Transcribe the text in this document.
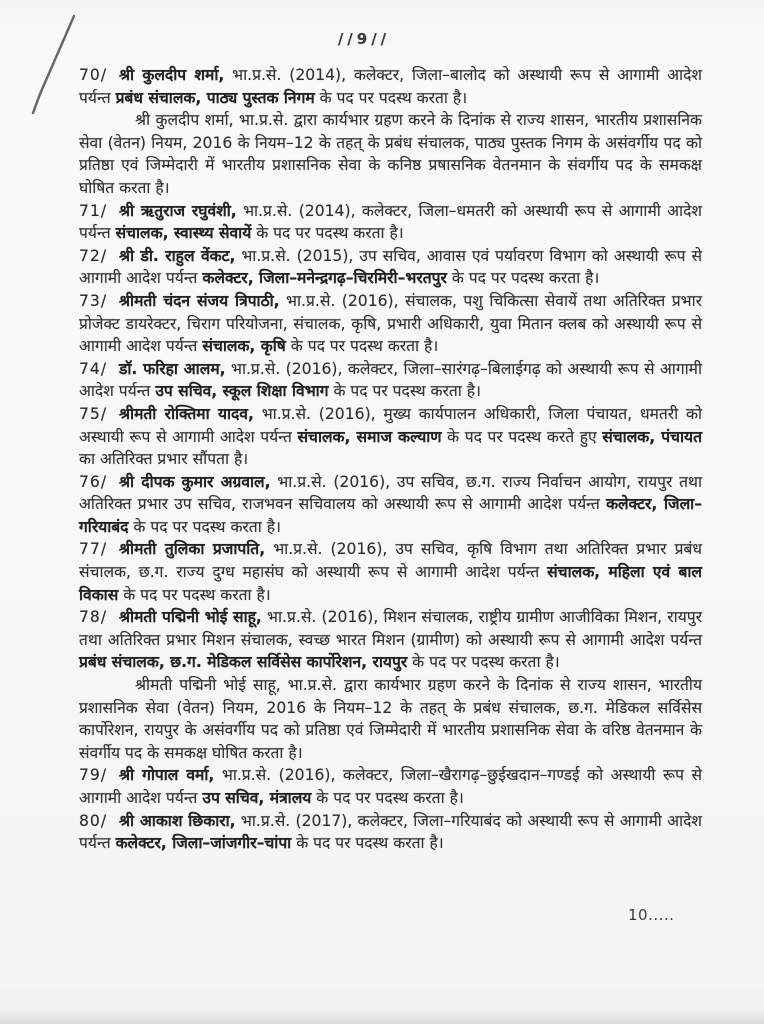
//9//

70/ श्री कुलदीप शर्मा, भा.प्र.से. (2014), कलेक्टर, जिला–बालोद को अस्थायी रूप से आगामी आदेश पर्यन्त प्रबंध संचालक, पाठ्य पुस्तक निगम के पद पर पदस्थ करता है।

श्री कुलदीप शर्मा, भा.प्र.से. द्वारा कार्यभार ग्रहण करने के दिनांक से राज्य शासन, भारतीय प्रशासनिक सेवा (वेतन) नियम, 2016 के नियम–12 के तहत् के प्रबंध संचालक, पाठ्य पुस्तक निगम के असंवर्गीय पद को प्रतिष्ठा एवं जिम्मेदारी में भारतीय प्रशासनिक सेवा के कनिष्ठ प्रषासनिक वेतनमान के संवर्गीय पद के समकक्ष घोषित करता है।

71/ श्री ऋतुराज रघुवंशी, भा.प्र.से. (2014), कलेक्टर, जिला–धमतरी को अस्थायी रूप से आगामी आदेश पर्यन्त संचालक, स्वास्थ्य सेवायें के पद पर पदस्थ करता है।

72/ श्री डी. राहुल वेंकट, भा.प्र.से. (2015), उप सचिव, आवास एवं पर्यावरण विभाग को अस्थायी रूप से आगामी आदेश पर्यन्त कलेक्टर, जिला–मनेन्द्रगढ़–चिरमिरी–भरतपुर के पद पर पदस्थ करता है।

73/ श्रीमती चंदन संजय त्रिपाठी, भा.प्र.से. (2016), संचालक, पशु चिकित्सा सेवायें तथा अतिरिक्त प्रभार प्रोजेक्ट डायरेक्टर, चिराग परियोजना, संचालक, कृषि, प्रभारी अधिकारी, युवा मितान क्लब को अस्थायी रूप से आगामी आदेश पर्यन्त संचालक, कृषि के पद पर पदस्थ करता है।

74/ डॉ. फरिहा आलम, भा.प्र.से. (2016), कलेक्टर, जिला–सारंगढ़–बिलाईगढ़ को अस्थायी रूप से आगामी आदेश पर्यन्त उप सचिव, स्कूल शिक्षा विभाग के पद पर पदस्थ करता है।

75/ श्रीमती रोक्तिमा यादव, भा.प्र.से. (2016), मुख्य कार्यपालन अधिकारी, जिला पंचायत, धमतरी को अस्थायी रूप से आगामी आदेश पर्यन्त संचालक, समाज कल्याण के पद पर पदस्थ करते हुए संचालक, पंचायत का अतिरिक्त प्रभार सौंपता है।

76/ श्री दीपक कुमार अग्रवाल, भा.प्र.से. (2016), उप सचिव, छ.ग. राज्य निर्वाचन आयोग, रायपुर तथा अतिरिक्त प्रभार उप सचिव, राजभवन सचिवालय को अस्थायी रूप से आगामी आदेश पर्यन्त कलेक्टर, जिला–गरियाबंद के पद पर पदस्थ करता है।

77/ श्रीमती तुलिका प्रजापति, भा.प्र.से. (2016), उप सचिव, कृषि विभाग तथा अतिरिक्त प्रभार प्रबंध संचालक, छ.ग. राज्य दुग्ध महासंघ को अस्थायी रूप से आगामी आदेश पर्यन्त संचालक, महिला एवं बाल विकास के पद पर पदस्थ करता है।

78/ श्रीमती पद्मिनी भोई साहू, भा.प्र.से. (2016), मिशन संचालक, राष्ट्रीय ग्रामीण आजीविका मिशन, रायपुर तथा अतिरिक्त प्रभार मिशन संचालक, स्वच्छ भारत मिशन (ग्रामीण) को अस्थायी रूप से आगामी आदेश पर्यन्त प्रबंध संचालक, छ.ग. मेडिकल सर्विसेस कार्पोरेशन, रायपुर के पद पर पदस्थ करता है।

श्रीमती पद्मिनी भोई साहू, भा.प्र.से. द्वारा कार्यभार ग्रहण करने के दिनांक से राज्य शासन, भारतीय प्रशासनिक सेवा (वेतन) नियम, 2016 के नियम–12 के तहत् के प्रबंध संचालक, छ.ग. मेडिकल सर्विसेस कार्पोरेशन, रायपुर के असंवर्गीय पद को प्रतिष्ठा एवं जिम्मेदारी में भारतीय प्रशासनिक सेवा के वरिष्ठ वेतनमान के संवर्गीय पद के समकक्ष घोषित करता है।

79/ श्री गोपाल वर्मा, भा.प्र.से. (2016), कलेक्टर, जिला–खैरागढ़–छुईखदान–गण्डई को अस्थायी रूप से आगामी आदेश पर्यन्त उप सचिव, मंत्रालय के पद पर पदस्थ करता है।

80/ श्री आकाश छिकारा, भा.प्र.से. (2017), कलेक्टर, जिला–गरियाबंद को अस्थायी रूप से आगामी आदेश पर्यन्त कलेक्टर, जिला–जांजगीर–चांपा के पद पर पदस्थ करता है।

10.....
